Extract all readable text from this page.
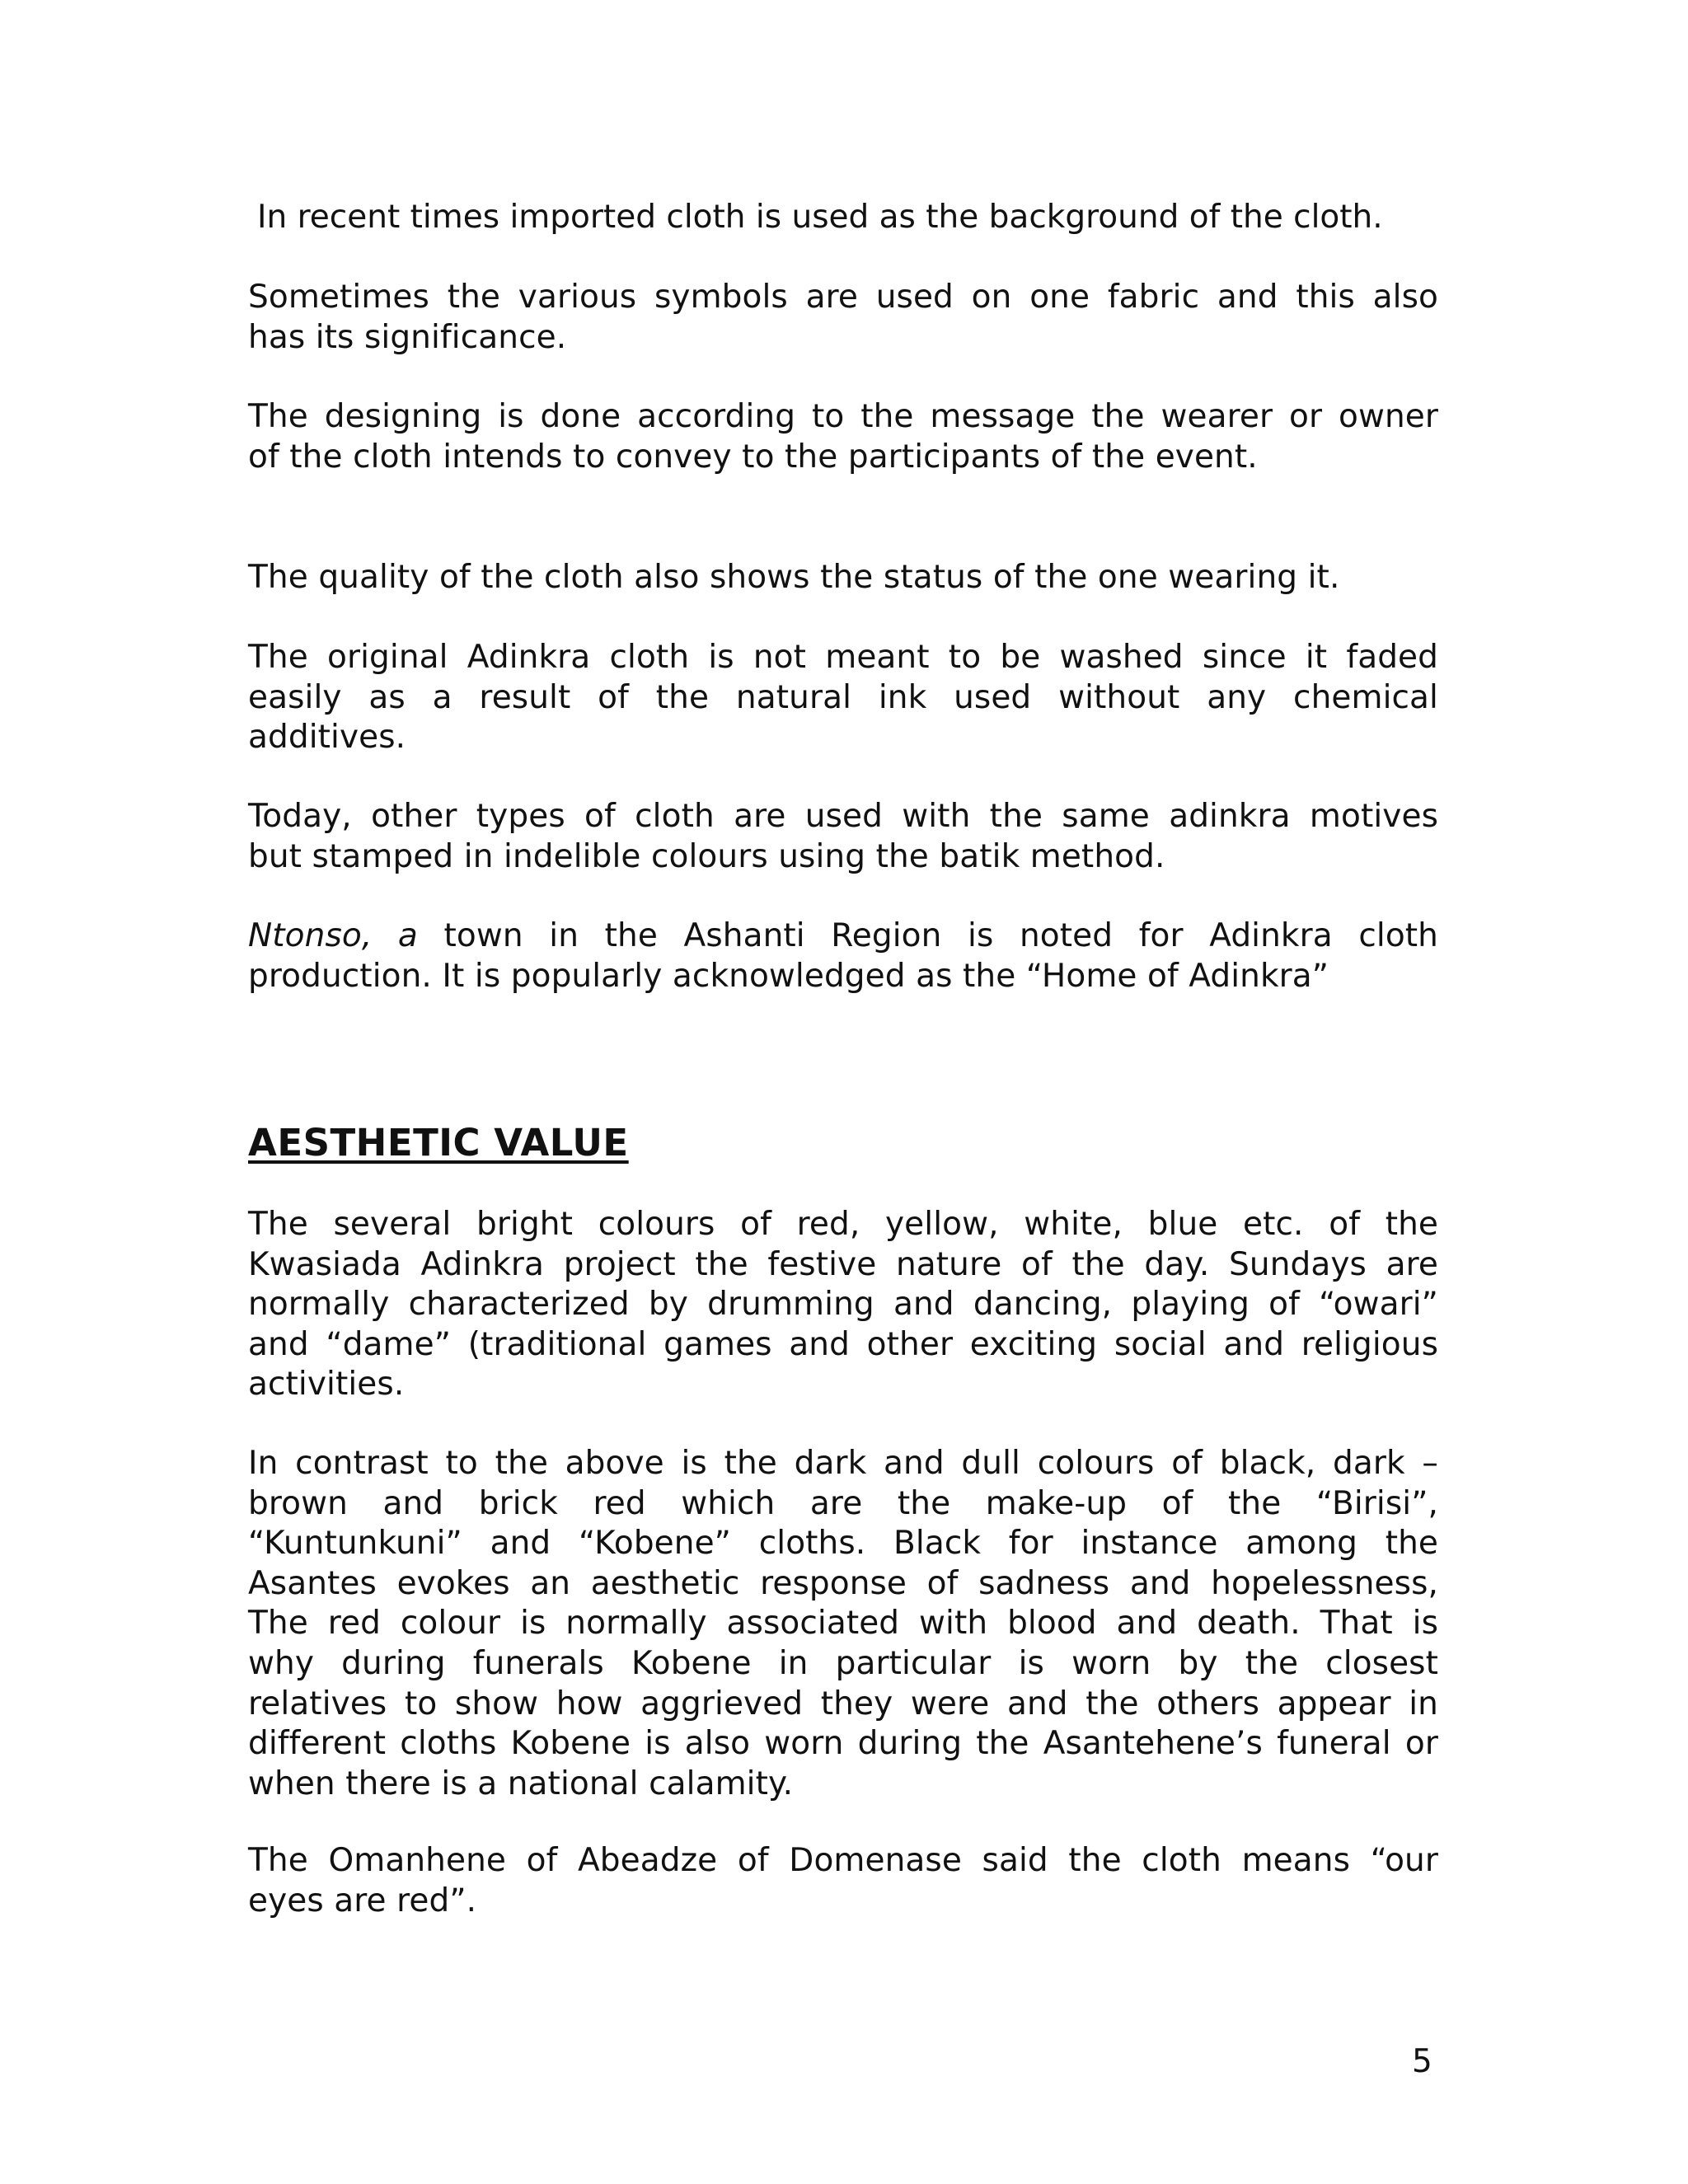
In recent times imported cloth is used as the background of the cloth.

Sometimes the various symbols are used on one fabric and this also
has its significance.

The designing is done according to the message the wearer or owner
of the cloth intends to convey to the participants of the event.

The quality of the cloth also shows the status of the one wearing it.

The original Adinkra cloth is not meant to be washed since it faded
easily as a result of the natural ink used without any chemical
additives.

Today, other types of cloth are used with the same adinkra motives
but stamped in indelible colours using the batik method.

Ntonso, a town in the Ashanti Region is noted for Adinkra cloth
production. It is popularly acknowledged as the “Home of Adinkra”

AESTHETIC VALUE

The several bright colours of red, yellow, white, blue etc. of the
Kwasiada Adinkra project the festive nature of the day. Sundays are
normally characterized by drumming and dancing, playing of “owari”
and “dame” (traditional games and other exciting social and religious
activities.

In contrast to the above is the dark and dull colours of black, dark –
brown and brick red which are the make-up of the “Birisi”,
“Kuntunkuni” and “Kobene” cloths. Black for instance among the
Asantes evokes an aesthetic response of sadness and hopelessness,
The red colour is normally associated with blood and death. That is
why during funerals Kobene in particular is worn by the closest
relatives to show how aggrieved they were and the others appear in
different cloths Kobene is also worn during the Asantehene’s funeral or
when there is a national calamity.

The Omanhene of Abeadze of Domenase said the cloth means “our
eyes are red”.

5
